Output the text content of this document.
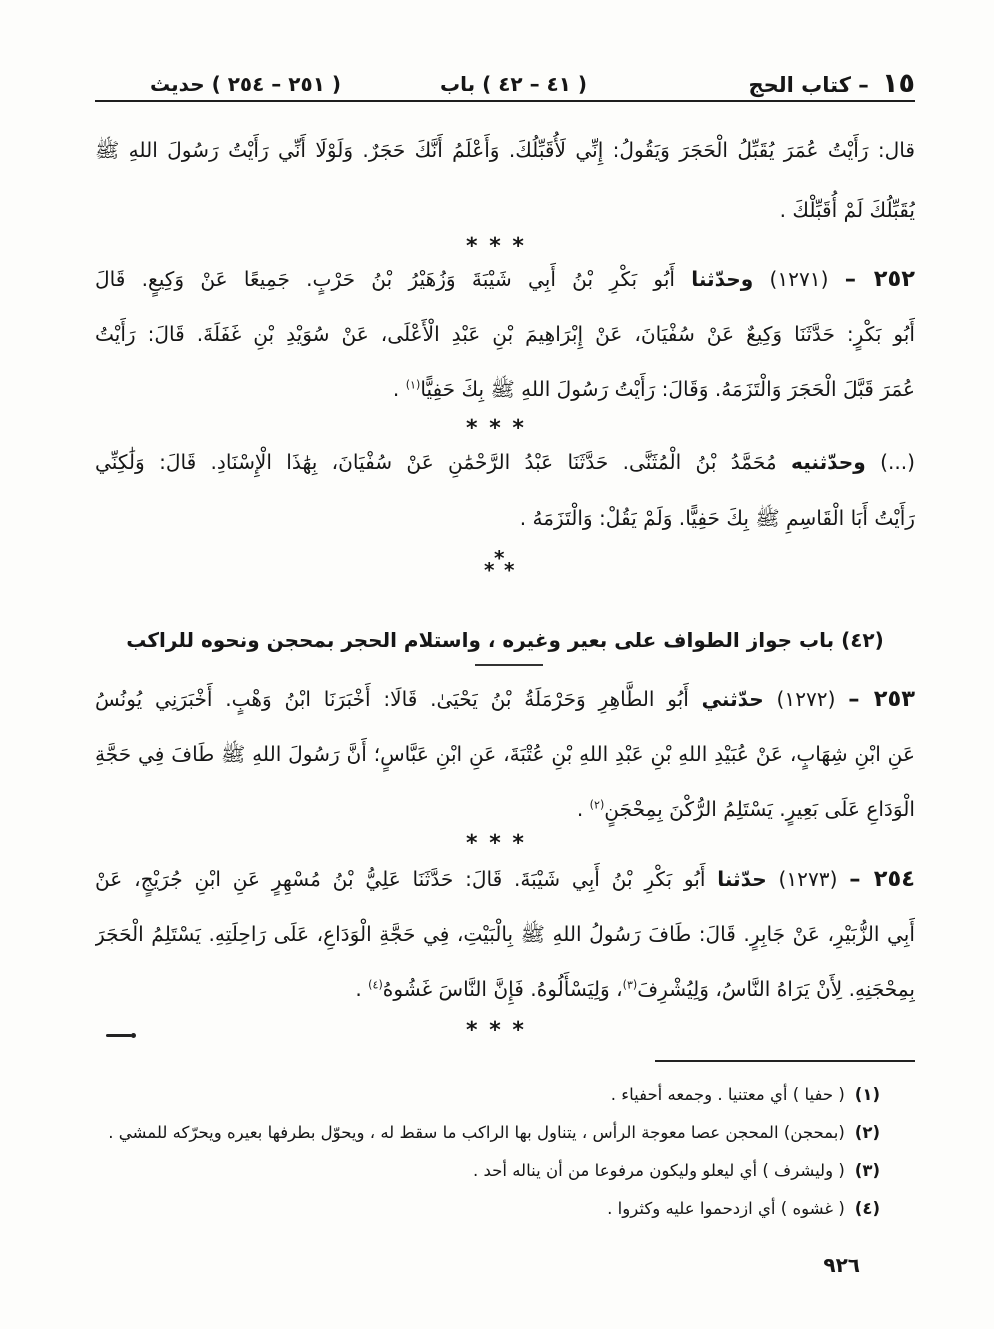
١٥ – كتاب الحج
( ٤١ – ٤٢ ) باب
( ٢٥١ – ٢٥٤ ) حديث
قال: رَأَيْتُ عُمَرَ يُقَبِّلُ الْحَجَرَ وَيَقُولُ: إِنِّي لَأُقَبِّلُكَ. وَأَعْلَمُ أَنَّكَ حَجَرٌ. وَلَوْلَا أَنِّي رَأَيْتُ رَسُولَ اللهِ ﷺ
يُقَبِّلُكَ لَمْ أُقَبِّلْكَ .
* * *
٢٥٢ – (١٢٧١) وحدّثنا أَبُو بَكْرِ بْنُ أَبِي شَيْبَةَ وَزُهَيْرُ بْنُ حَرْبٍ. جَمِيعًا عَنْ وَكِيعٍ. قَالَ
أَبُو بَكْرٍ: حَدَّثَنَا وَكِيعٌ عَنْ سُفْيَانَ، عَنْ إِبْرَاهِيمَ بْنِ عَبْدِ الْأَعْلَى، عَنْ سُوَيْدِ بْنِ غَفَلَةَ. قَالَ: رَأَيْتُ
عُمَرَ قَبَّلَ الْحَجَرَ وَالْتَزَمَهُ. وَقَالَ: رَأَيْتُ رَسُولَ اللهِ ﷺ بِكَ حَفِيًّا$^{(١)}$ .
* * *
(...) وحدّثنيه مُحَمَّدُ بْنُ الْمُثَنَّى. حَدَّثَنَا عَبْدُ الرَّحْمَٰنِ عَنْ سُفْيَانَ، بِهَٰذَا الْإِسْنَادِ. قَالَ: وَلَٰكِنِّي
رَأَيْتُ أَبَا الْقَاسِمِ ﷺ بِكَ حَفِيًّا. وَلَمْ يَقُلْ: وَالْتَزَمَهُ .
*
* *
(٤٢) باب جواز الطواف على بعير وغيره ، واستلام الحجر بمحجن ونحوه للراكب
٢٥٣ – (١٢٧٢) حدّثني أَبُو الطَّاهِرِ وَحَرْمَلَةُ بْنُ يَحْيَىٰ. قَالَا: أَخْبَرَنَا ابْنُ وَهْبٍ. أَخْبَرَنِي يُونُسُ
عَنِ ابْنِ شِهَابٍ، عَنْ عُبَيْدِ اللهِ بْنِ عَبْدِ اللهِ بْنِ عُتْبَةَ، عَنِ ابْنِ عَبَّاسٍ؛ أَنَّ رَسُولَ اللهِ ﷺ طَافَ فِي حَجَّةِ
الْوَدَاعِ عَلَى بَعِيرٍ. يَسْتَلِمُ الرُّكْنَ بِمِحْجَنٍ$^{(٢)}$ .
* * *
٢٥٤ – (١٢٧٣) حدّثنا أَبُو بَكْرِ بْنُ أَبِي شَيْبَةَ. قَالَ: حَدَّثَنَا عَلِيُّ بْنُ مُسْهِرٍ عَنِ ابْنِ جُرَيْجٍ، عَنْ
أَبِي الزُّبَيْرِ، عَنْ جَابِرٍ. قَالَ: طَافَ رَسُولُ اللهِ ﷺ بِالْبَيْتِ، فِي حَجَّةِ الْوَدَاعِ، عَلَى رَاحِلَتِهِ. يَسْتَلِمُ الْحَجَرَ
بِمِحْجَنِهِ. لِأَنْ يَرَاهُ النَّاسُ، وَلِيُشْرِفَ$^{(٣)}$، وَلِيَسْأَلُوهُ. فَإِنَّ النَّاسَ غَشُوهُ$^{(٤)}$ .
* * *
(١)( حفيا ) أي معتنيا . وجمعه أحفياء .
(٢)(بمحجن) المحجن عصا معوجة الرأس ، يتناول بها الراكب ما سقط له ، ويحوّل بطرفها بعيره ويحرّكه للمشي .
(٣)( وليشرف ) أي ليعلو وليكون مرفوعا من أن يناله أحد .
(٤)( غشوه ) أي ازدحموا عليه وكثروا .
٩٢٦
